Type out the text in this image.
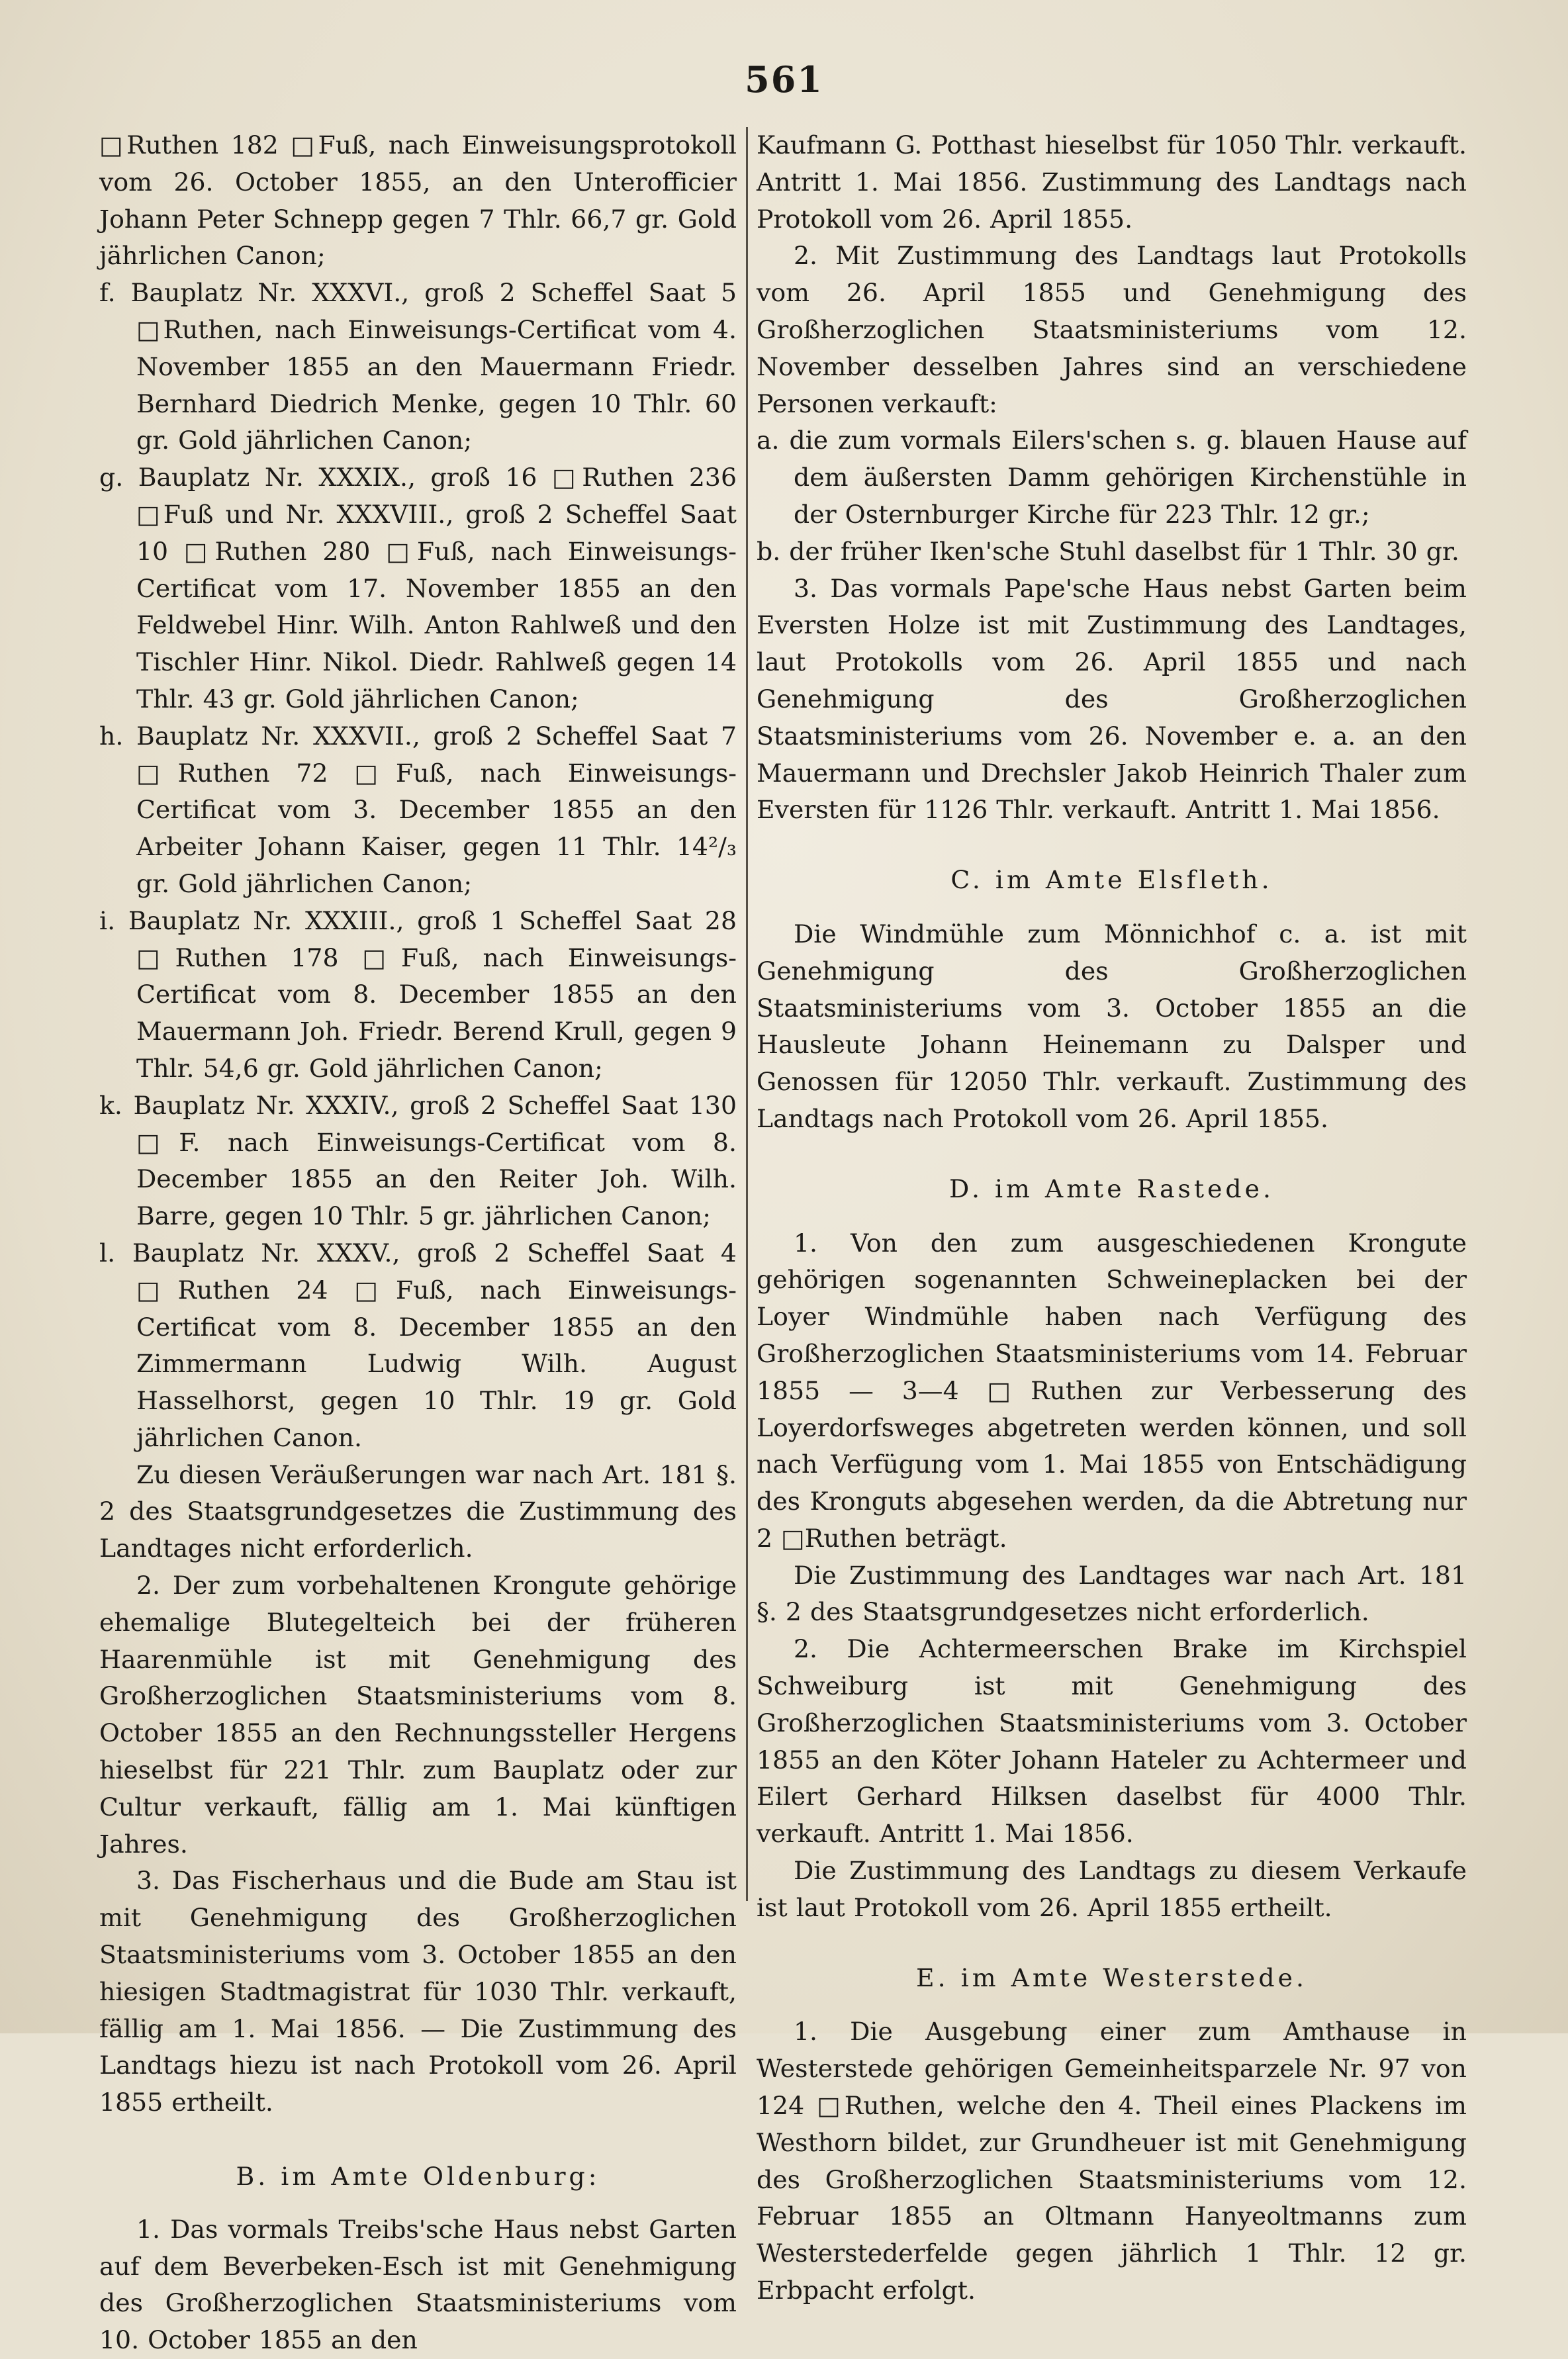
561

□Ruthen 182 □Fuß, nach Einweisungsprotokoll vom 26. October 1855, an den Unterofficier Johann Peter Schnepp gegen 7 Thlr. 66,7 gr. Gold jährlichen Canon;

f. Bauplatz Nr. XXXVI., groß 2 Scheffel Saat 5 □Ruthen, nach Einweisungs-Certificat vom 4. November 1855 an den Mauermann Friedr. Bernhard Diedrich Menke, gegen 10 Thlr. 60 gr. Gold jährlichen Canon;

g. Bauplatz Nr. XXXIX., groß 16 □Ruthen 236 □Fuß und Nr. XXXVIII., groß 2 Scheffel Saat 10 □Ruthen 280 □Fuß, nach Einweisungs-Certificat vom 17. November 1855 an den Feldwebel Hinr. Wilh. Anton Rahlweß und den Tischler Hinr. Nikol. Diedr. Rahlweß gegen 14 Thlr. 43 gr. Gold jährlichen Canon;

h. Bauplatz Nr. XXXVII., groß 2 Scheffel Saat 7 □Ruthen 72 □Fuß, nach Einweisungs-Certificat vom 3. December 1855 an den Arbeiter Johann Kaiser, gegen 11 Thlr. 14²/₃ gr. Gold jährlichen Canon;

i. Bauplatz Nr. XXXIII., groß 1 Scheffel Saat 28 □Ruthen 178 □Fuß, nach Einweisungs-Certificat vom 8. December 1855 an den Mauermann Joh. Friedr. Berend Krull, gegen 9 Thlr. 54,6 gr. Gold jährlichen Canon;

k. Bauplatz Nr. XXXIV., groß 2 Scheffel Saat 130 □F. nach Einweisungs-Certificat vom 8. December 1855 an den Reiter Joh. Wilh. Barre, gegen 10 Thlr. 5 gr. jährlichen Canon;

l. Bauplatz Nr. XXXV., groß 2 Scheffel Saat 4 □Ruthen 24 □Fuß, nach Einweisungs-Certificat vom 8. December 1855 an den Zimmermann Ludwig Wilh. August Hasselhorst, gegen 10 Thlr. 19 gr. Gold jährlichen Canon.

Zu diesen Veräußerungen war nach Art. 181 §. 2 des Staatsgrundgesetzes die Zustimmung des Landtages nicht erforderlich.

2. Der zum vorbehaltenen Krongute gehörige ehemalige Blutegelteich bei der früheren Haarenmühle ist mit Genehmigung des Großherzoglichen Staatsministeriums vom 8. October 1855 an den Rechnungssteller Hergens hieselbst für 221 Thlr. zum Bauplatz oder zur Cultur verkauft, fällig am 1. Mai künftigen Jahres.

3. Das Fischerhaus und die Bude am Stau ist mit Genehmigung des Großherzoglichen Staatsministeriums vom 3. October 1855 an den hiesigen Stadtmagistrat für 1030 Thlr. verkauft, fällig am 1. Mai 1856. — Die Zustimmung des Landtags hiezu ist nach Protokoll vom 26. April 1855 ertheilt.

B. im Amte Oldenburg:

1. Das vormals Treibs'sche Haus nebst Garten auf dem Beverbeken-Esch ist mit Genehmigung des Großherzoglichen Staatsministeriums vom 10. October 1855 an den

Kaufmann G. Potthast hieselbst für 1050 Thlr. verkauft. Antritt 1. Mai 1856. Zustimmung des Landtags nach Protokoll vom 26. April 1855.

2. Mit Zustimmung des Landtags laut Protokolls vom 26. April 1855 und Genehmigung des Großherzoglichen Staatsministeriums vom 12. November desselben Jahres sind an verschiedene Personen verkauft:

a. die zum vormals Eilers'schen s. g. blauen Hause auf dem äußersten Damm gehörigen Kirchenstühle in der Osternburger Kirche für 223 Thlr. 12 gr.;

b. der früher Iken'sche Stuhl daselbst für 1 Thlr. 30 gr.

3. Das vormals Pape'sche Haus nebst Garten beim Eversten Holze ist mit Zustimmung des Landtages, laut Protokolls vom 26. April 1855 und nach Genehmigung des Großherzoglichen Staatsministeriums vom 26. November e. a. an den Mauermann und Drechsler Jakob Heinrich Thaler zum Eversten für 1126 Thlr. verkauft. Antritt 1. Mai 1856.

C. im Amte Elsfleth.

Die Windmühle zum Mönnichhof c. a. ist mit Genehmigung des Großherzoglichen Staatsministeriums vom 3. October 1855 an die Hausleute Johann Heinemann zu Dalsper und Genossen für 12050 Thlr. verkauft. Zustimmung des Landtags nach Protokoll vom 26. April 1855.

D. im Amte Rastede.

1. Von den zum ausgeschiedenen Krongute gehörigen sogenannten Schweineplacken bei der Loyer Windmühle haben nach Verfügung des Großherzoglichen Staatsministeriums vom 14. Februar 1855 — 3—4 □Ruthen zur Verbesserung des Loyerdorfsweges abgetreten werden können, und soll nach Verfügung vom 1. Mai 1855 von Entschädigung des Kronguts abgesehen werden, da die Abtretung nur 2 □Ruthen beträgt.

Die Zustimmung des Landtages war nach Art. 181 §. 2 des Staatsgrundgesetzes nicht erforderlich.

2. Die Achtermeerschen Brake im Kirchspiel Schweiburg ist mit Genehmigung des Großherzoglichen Staatsministeriums vom 3. October 1855 an den Köter Johann Hateler zu Achtermeer und Eilert Gerhard Hilksen daselbst für 4000 Thlr. verkauft. Antritt 1. Mai 1856.

Die Zustimmung des Landtags zu diesem Verkaufe ist laut Protokoll vom 26. April 1855 ertheilt.

E. im Amte Westerstede.

1. Die Ausgebung einer zum Amthause in Westerstede gehörigen Gemeinheitsparzele Nr. 97 von 124 □Ruthen, welche den 4. Theil eines Plackens im Westhorn bildet, zur Grundheuer ist mit Genehmigung des Großherzoglichen Staatsministeriums vom 12. Februar 1855 an Oltmann Hanyeoltmanns zum Westerstederfelde gegen jährlich 1 Thlr. 12 gr. Erbpacht erfolgt.
